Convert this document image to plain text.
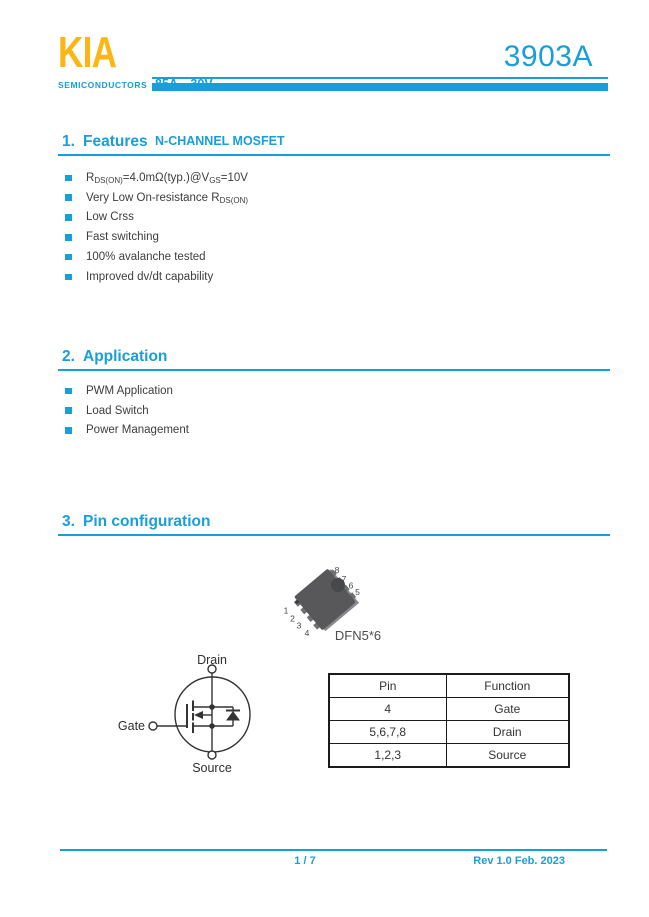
KIA
SEMICONDUCTORS

N-CHANNEL MOSFET

3903A
1. Features
$R_{DS(ON)}=4.0m\Omega(typ.)@V_{GS}=10V$
Very Low On-resistance $R_{DS(ON)}$
Low Crss
Fast switching
100% avalanche tested
Improved dv/dt capability
2. Application
PWM Application
Load Switch
Power Management
3. Pin configuration
8
7
6
5
1
2
3
4 DFN5*6
Drain
Gate
Source
Pin	Function
4	Gate
5,6,7,8	Drain
1,2,3	Source
1 / 7	Rev 1.0 Feb. 2023
